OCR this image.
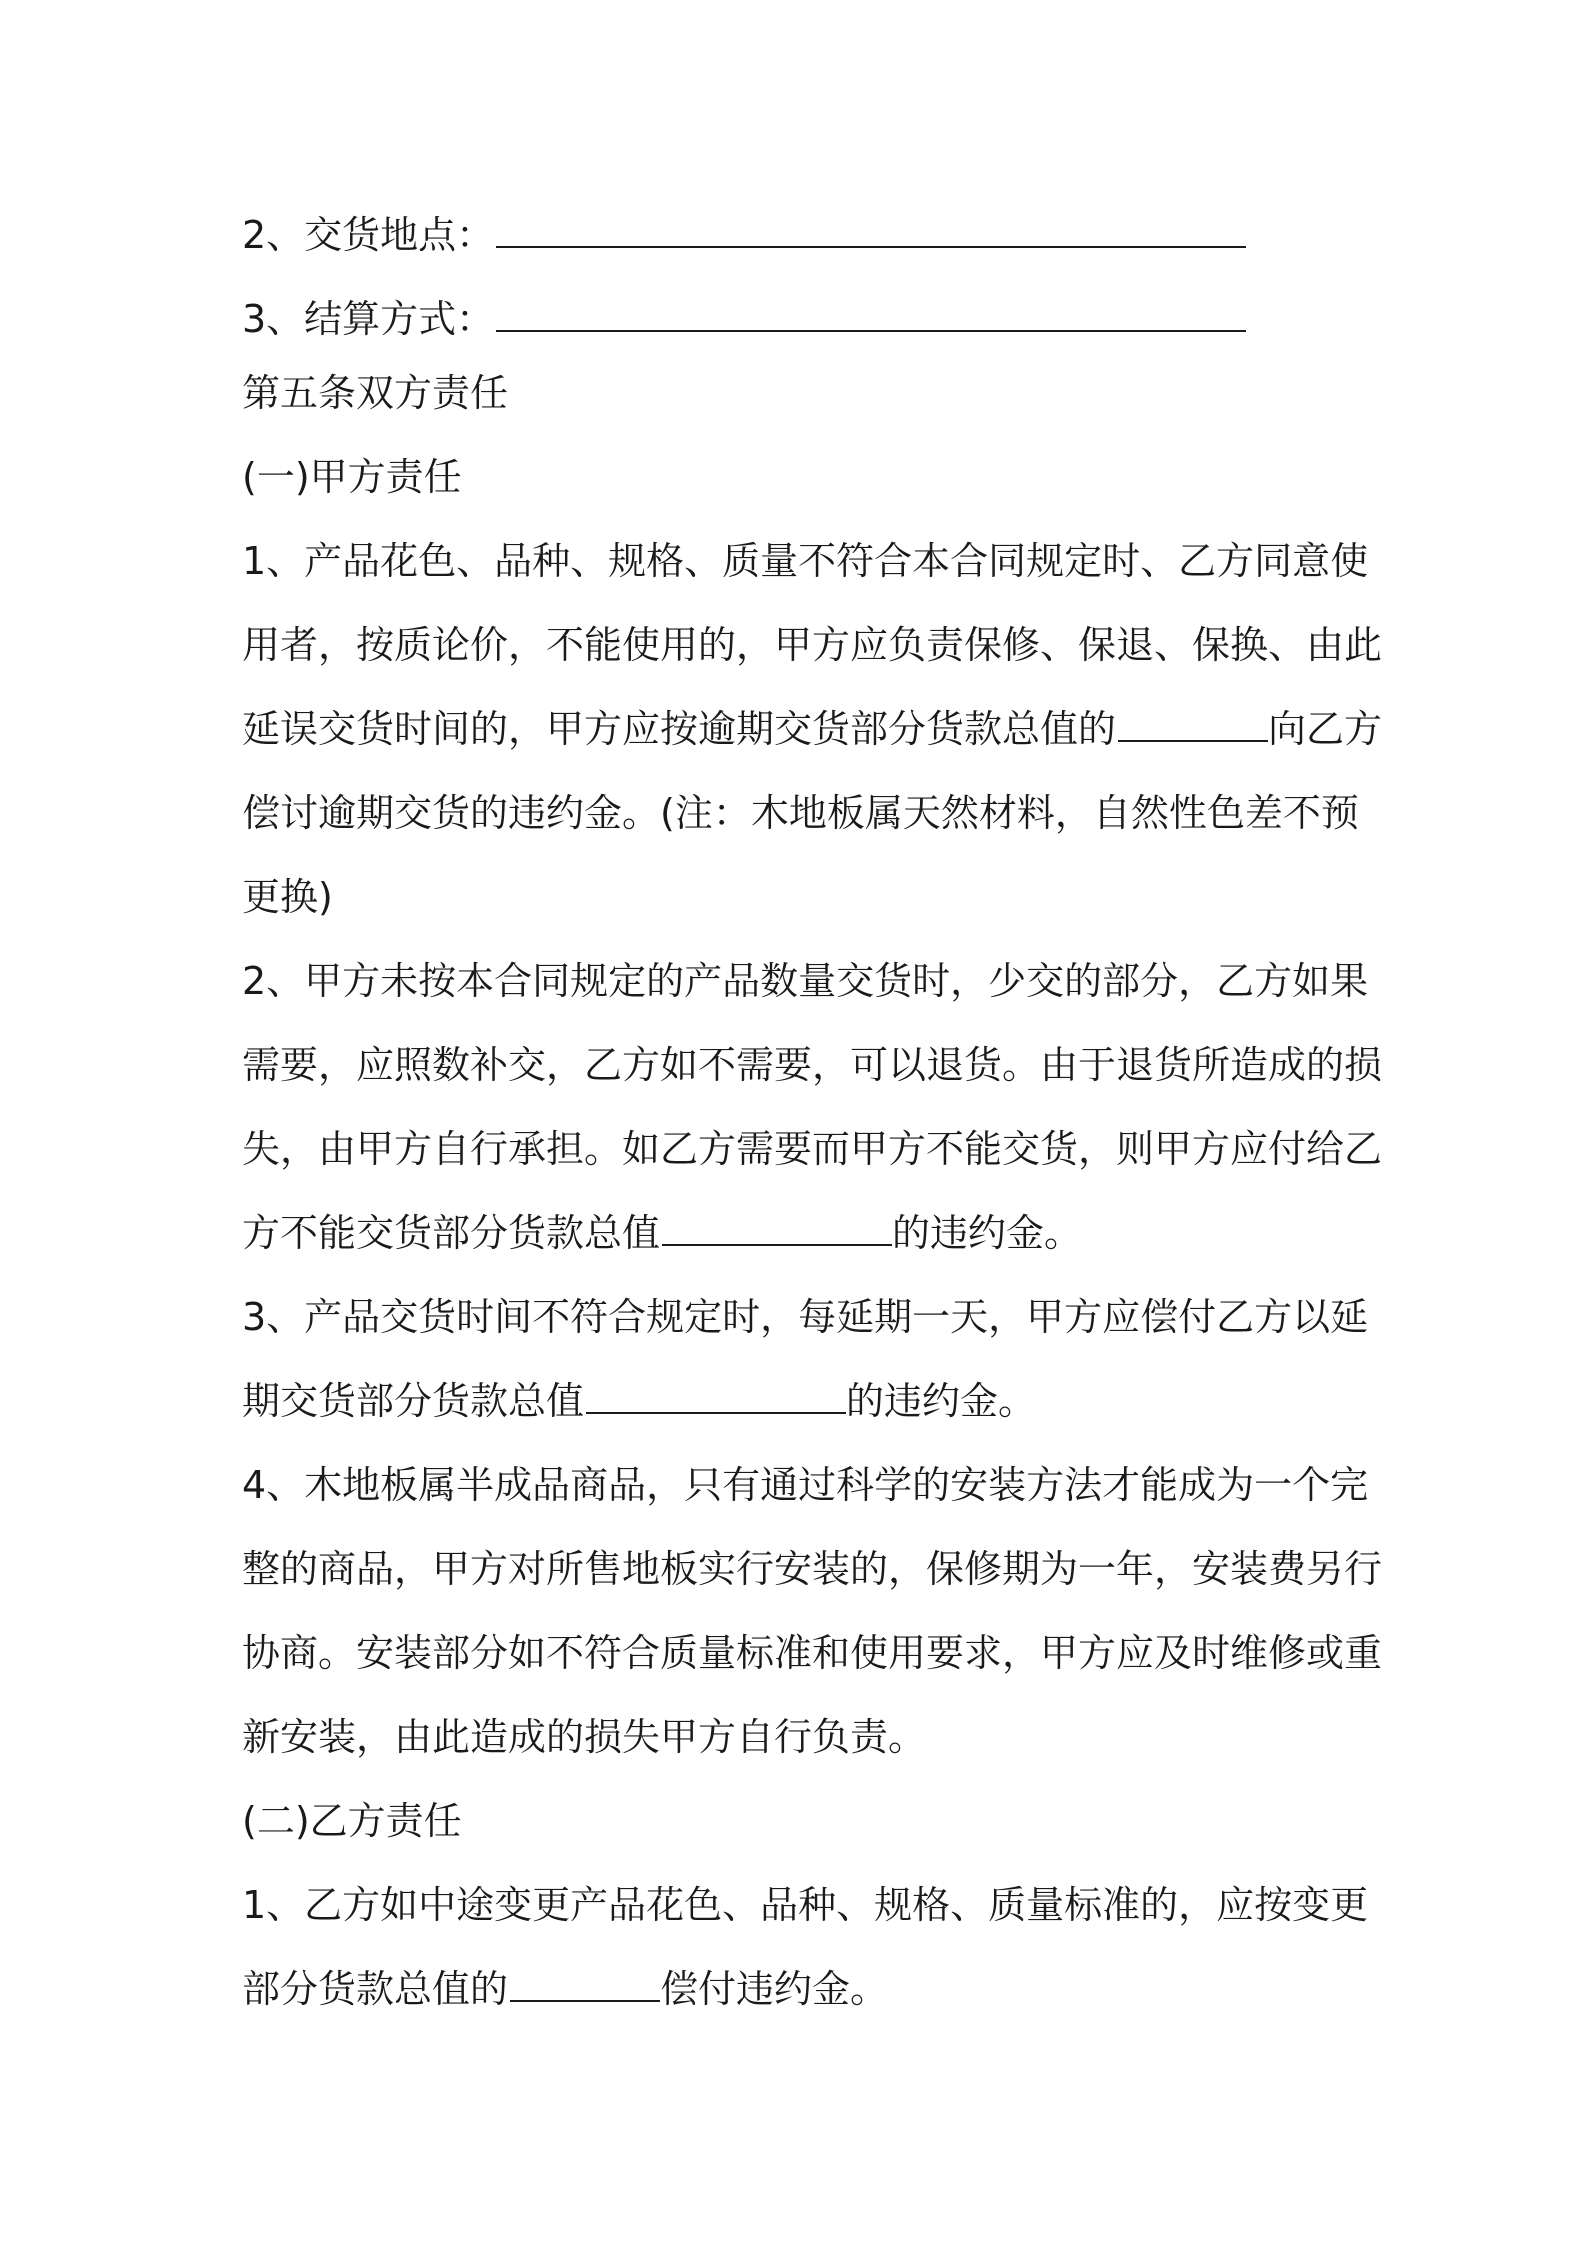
2、交货地点：
3、结算方式：
第五条双方责任
(一)甲方责任
1、产品花色、品种、规格、质量不符合本合同规定时、乙方同意使
用者，按质论价，不能使用的，甲方应负责保修、保退、保换、由此
延误交货时间的，甲方应按逾期交货部分货款总值的	向乙方
偿讨逾期交货的违约金。(注：木地板属天然材料，自然性色差不预
更换)
2、甲方未按本合同规定的产品数量交货时，少交的部分，乙方如果
需要，应照数补交，乙方如不需要，可以退货。由于退货所造成的损
失，由甲方自行承担。如乙方需要而甲方不能交货，则甲方应付给乙
方不能交货部分货款总值	的违约金。
3、产品交货时间不符合规定时，每延期一天，甲方应偿付乙方以延
期交货部分货款总值	的违约金。
4、木地板属半成品商品，只有通过科学的安装方法才能成为一个完
整的商品，甲方对所售地板实行安装的，保修期为一年，安装费另行
协商。安装部分如不符合质量标准和使用要求，甲方应及时维修或重
新安装，由此造成的损失甲方自行负责。
(二)乙方责任
1、乙方如中途变更产品花色、品种、规格、质量标准的，应按变更
部分货款总值的	偿付违约金。
